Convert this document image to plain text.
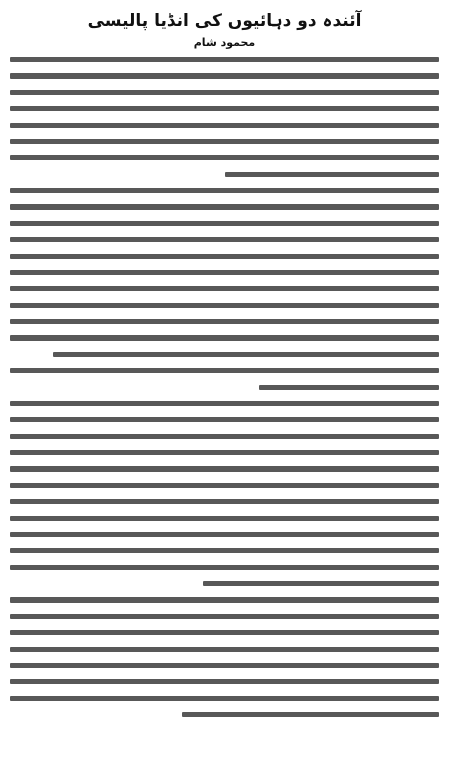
آئندہ دو دہائیوں کی انڈیا پالیسی
محمود شام
